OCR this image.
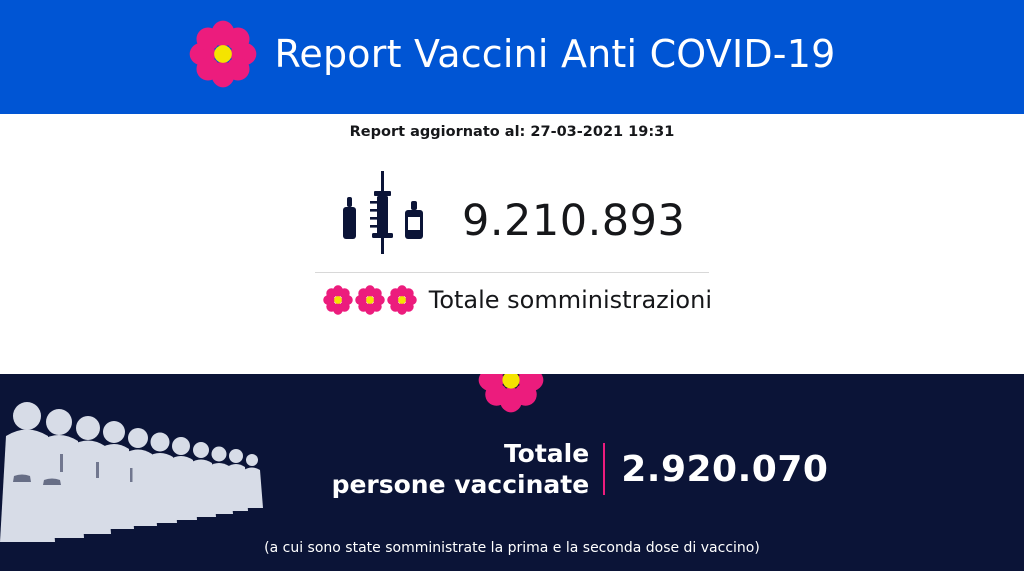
Report Vaccini Anti COVID-19
Report aggiornato al: 27-03-2021 19:31
9.210.893
Totale somministrazioni
Totale
persone vaccinate 2.920.070
(a cui sono state somministrate la prima e la seconda dose di vaccino)
